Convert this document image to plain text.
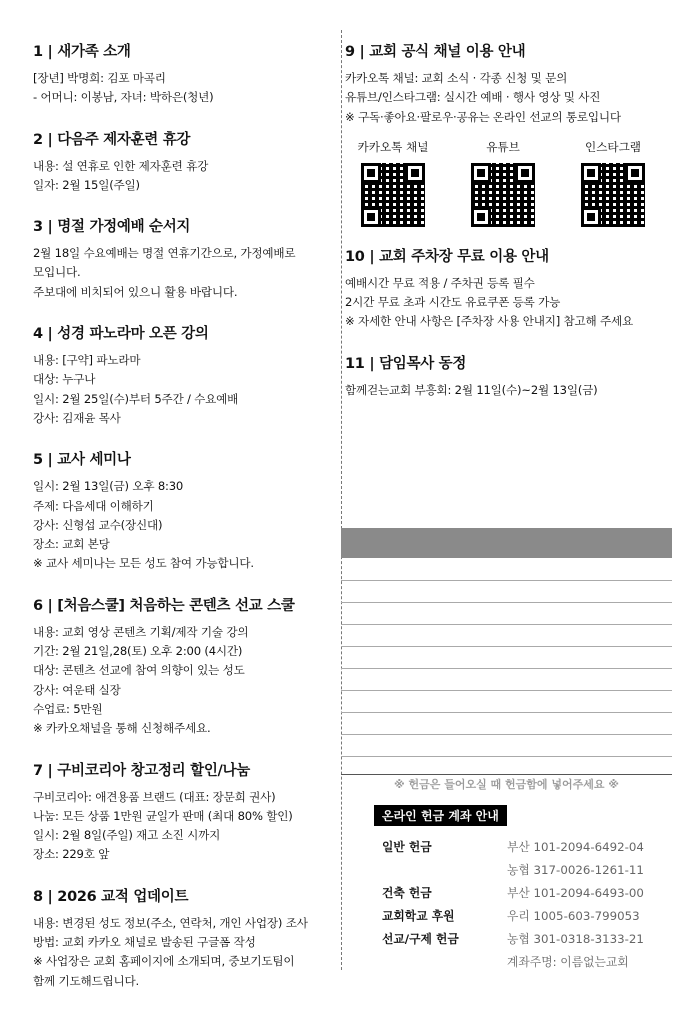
1 | 새가족 소개

[장년] 박명희: 김포 마곡리

- 어머니: 이봉남, 자녀: 박하은(청년)

2 | 다음주 제자훈련 휴강

내용: 설 연휴로 인한 제자훈련 휴강

일자: 2월 15일(주일)

3 | 명절 가정예배 순서지

2월 18일 수요예배는 명절 연휴기간으로, 가정예배로

모입니다.

주보대에 비치되어 있으니 활용 바랍니다.

4 | 성경 파노라마 오픈 강의

내용: [구약] 파노라마

대상: 누구나

일시: 2월 25일(수)부터 5주간 / 수요예배

강사: 김재윤 목사

5 | 교사 세미나

일시: 2월 13일(금) 오후 8:30

주제: 다음세대 이해하기

강사: 신형섭 교수(장신대)

장소: 교회 본당

※ 교사 세미나는 모든 성도 참여 가능합니다.

6 | [처음스쿨] 처음하는 콘텐츠 선교 스쿨

내용: 교회 영상 콘텐츠 기획/제작 기술 강의

기간: 2월 21일,28(토) 오후 2:00 (4시간)

대상: 콘텐츠 선교에 참여 의향이 있는 성도

강사: 여운태 실장

수업료: 5만원

※ 카카오채널을 통해 신청해주세요.

7 | 구비코리아 창고정리 할인/나눔

구비코리아: 애견용품 브랜드 (대표: 장문희 권사)

나눔: 모든 상품 1만원 균일가 판매 (최대 80% 할인)

일시: 2월 8일(주일) 재고 소진 시까지

장소: 229호 앞

8 | 2026 교적 업데이트

내용: 변경된 성도 정보(주소, 연락처, 개인 사업장) 조사

방법: 교회 카카오 채널로 발송된 구글폼 작성

※ 사업장은 교회 홈페이지에 소개되며, 중보기도팀이

함께 기도해드립니다.

9 | 교회 공식 채널 이용 안내

카카오톡 채널: 교회 소식 · 각종 신청 및 문의

유튜브/인스타그램: 실시간 예배 · 행사 영상 및 사진

※ 구독·좋아요·팔로우·공유는 온라인 선교의 통로입니다

카카오톡 채널	유튜브	인스타그램

10 | 교회 주차장 무료 이용 안내

예배시간 무료 적용 / 주차권 등록 필수

2시간 무료 초과 시간도 유료쿠폰 등록 가능

※ 자세한 안내 사항은 [주차장 사용 안내지] 참고해 주세요

11 | 담임목사 동정

함께걷는교회 부흥회: 2월 11일(수)~2월 13일(금)

※ 헌금은 들어오실 때 헌금함에 넣어주세요 ※
온라인 헌금 계좌 안내
일반 헌금	부산 101-2094-6492-04
농협 317-0026-1261-11
건축 헌금	부산 101-2094-6493-00
교회학교 후원	우리 1005-603-799053
선교/구제 헌금	농협 301-0318-3133-21
계좌주명: 이름없는교회
